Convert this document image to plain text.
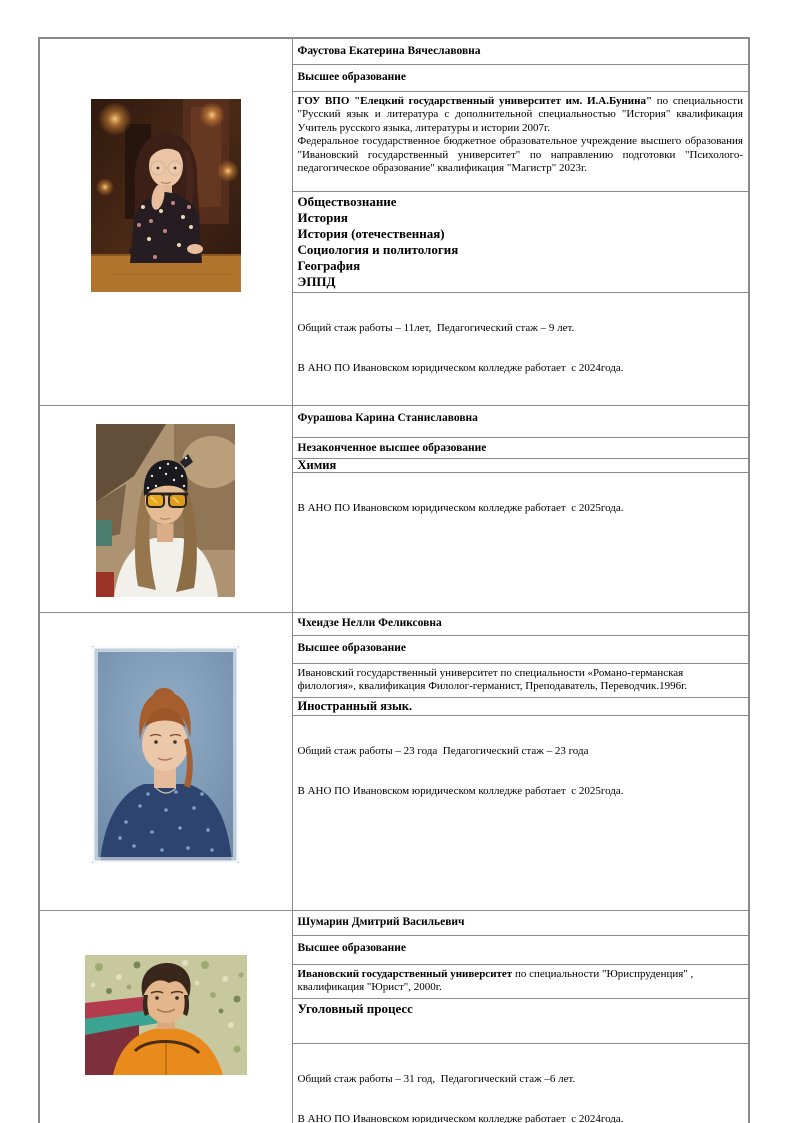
	Фаустова Екатерина Вячеславовна
	Высшее образование

	ГОУ ВПО "Елецкий государственный университет им. И.А.Бунина" по специальности "Русский язык и литература с дополнительной специальностью "История" квалификация Учитель русского языка, литературы и истории 2007г.

Федеральное государственное бюджетное образовательное учреждение высшего образования "Ивановский государственный университет" по направлению подготовки "Психолого-педагогическое образование" квалификация "Магистр" 2023г.

Обществознание
История
История (отечественная)
Социология и политология
География
ЭППД

	Общий стаж работы – 11лет,  Педагогический стаж – 9 лет.

В АНО ПО Ивановском юридическом колледже работает  с 2024года.

	Фурашова Карина Станиславовна
	Незаконченное высшее образование
	Химия

	В АНО ПО Ивановском юридическом колледже работает  с 2025года.

	Чхеидзе Нелли Феликсовна
	Высшее образование

	Ивановский государственный университет по специальности «Романо-германская филология», квалификация Филолог-германист, Преподаватель, Переводчик.1996г.

	Иностранный язык.

	Общий стаж работы – 23 года  Педагогический стаж – 23 года

В АНО ПО Ивановском юридическом колледже работает  с 2025года.

	Шумарин Дмитрий Васильевич
	Высшее образование

	Ивановский государственный университет по специальности "Юриспруденция" , квалификация "Юрист", 2000г.

	Уголовный процесс

	Общий стаж работы – 31 год,  Педагогический стаж –6 лет.

В АНО ПО Ивановском юридическом колледже работает  с 2024года.
